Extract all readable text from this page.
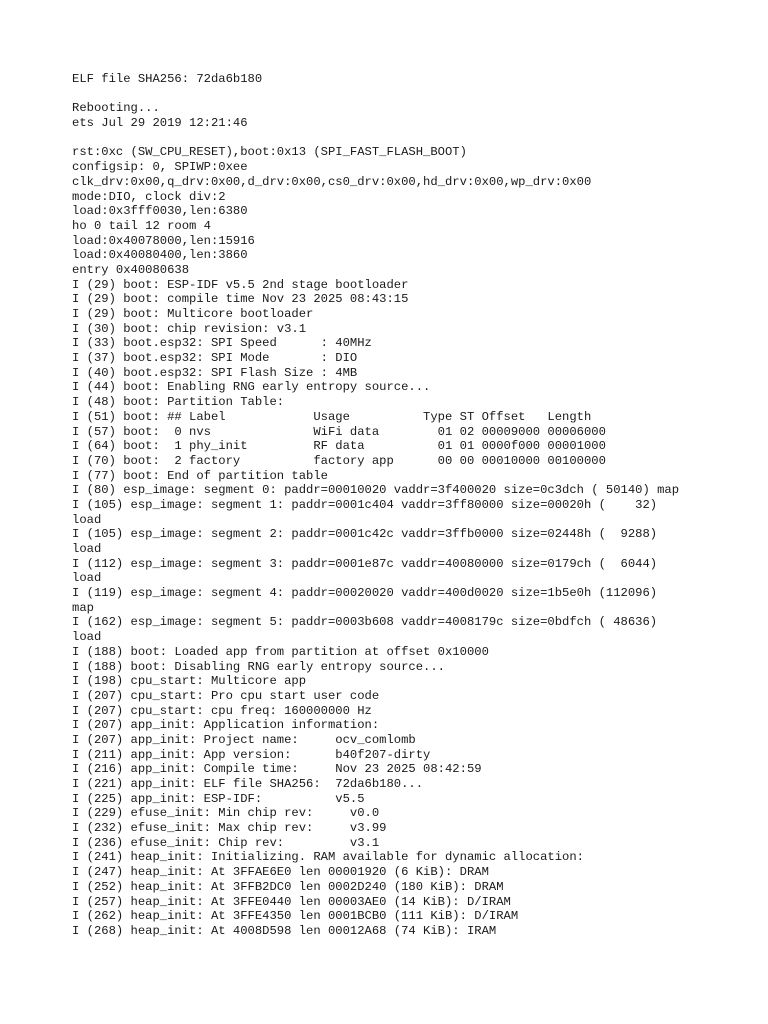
ELF file SHA256: 72da6b180
Rebooting...
ets Jul 29 2019 12:21:46
rst:0xc (SW_CPU_RESET),boot:0x13 (SPI_FAST_FLASH_BOOT)
configsip: 0, SPIWP:0xee
clk_drv:0x00,q_drv:0x00,d_drv:0x00,cs0_drv:0x00,hd_drv:0x00,wp_drv:0x00
mode:DIO, clock div:2
load:0x3fff0030,len:6380
ho 0 tail 12 room 4
load:0x40078000,len:15916
load:0x40080400,len:3860
entry 0x40080638
I (29) boot: ESP-IDF v5.5 2nd stage bootloader
I (29) boot: compile time Nov 23 2025 08:43:15
I (29) boot: Multicore bootloader
I (30) boot: chip revision: v3.1
I (33) boot.esp32: SPI Speed      : 40MHz
I (37) boot.esp32: SPI Mode       : DIO
I (40) boot.esp32: SPI Flash Size : 4MB
I (44) boot: Enabling RNG early entropy source...
I (48) boot: Partition Table:
I (51) boot: ## Label            Usage          Type ST Offset   Length
I (57) boot:  0 nvs              WiFi data        01 02 00009000 00006000
I (64) boot:  1 phy_init         RF data          01 01 0000f000 00001000
I (70) boot:  2 factory          factory app      00 00 00010000 00100000
I (77) boot: End of partition table
I (80) esp_image: segment 0: paddr=00010020 vaddr=3f400020 size=0c3dch ( 50140) map
I (105) esp_image: segment 1: paddr=0001c404 vaddr=3ff80000 size=00020h (    32)
load
I (105) esp_image: segment 2: paddr=0001c42c vaddr=3ffb0000 size=02448h (  9288)
load
I (112) esp_image: segment 3: paddr=0001e87c vaddr=40080000 size=0179ch (  6044)
load
I (119) esp_image: segment 4: paddr=00020020 vaddr=400d0020 size=1b5e0h (112096)
map
I (162) esp_image: segment 5: paddr=0003b608 vaddr=4008179c size=0bdfch ( 48636)
load
I (188) boot: Loaded app from partition at offset 0x10000
I (188) boot: Disabling RNG early entropy source...
I (198) cpu_start: Multicore app
I (207) cpu_start: Pro cpu start user code
I (207) cpu_start: cpu freq: 160000000 Hz
I (207) app_init: Application information:
I (207) app_init: Project name:     ocv_comlomb
I (211) app_init: App version:      b40f207-dirty
I (216) app_init: Compile time:     Nov 23 2025 08:42:59
I (221) app_init: ELF file SHA256:  72da6b180...
I (225) app_init: ESP-IDF:          v5.5
I (229) efuse_init: Min chip rev:     v0.0
I (232) efuse_init: Max chip rev:     v3.99
I (236) efuse_init: Chip rev:         v3.1
I (241) heap_init: Initializing. RAM available for dynamic allocation:
I (247) heap_init: At 3FFAE6E0 len 00001920 (6 KiB): DRAM
I (252) heap_init: At 3FFB2DC0 len 0002D240 (180 KiB): DRAM
I (257) heap_init: At 3FFE0440 len 00003AE0 (14 KiB): D/IRAM
I (262) heap_init: At 3FFE4350 len 0001BCB0 (111 KiB): D/IRAM
I (268) heap_init: At 4008D598 len 00012A68 (74 KiB): IRAM
